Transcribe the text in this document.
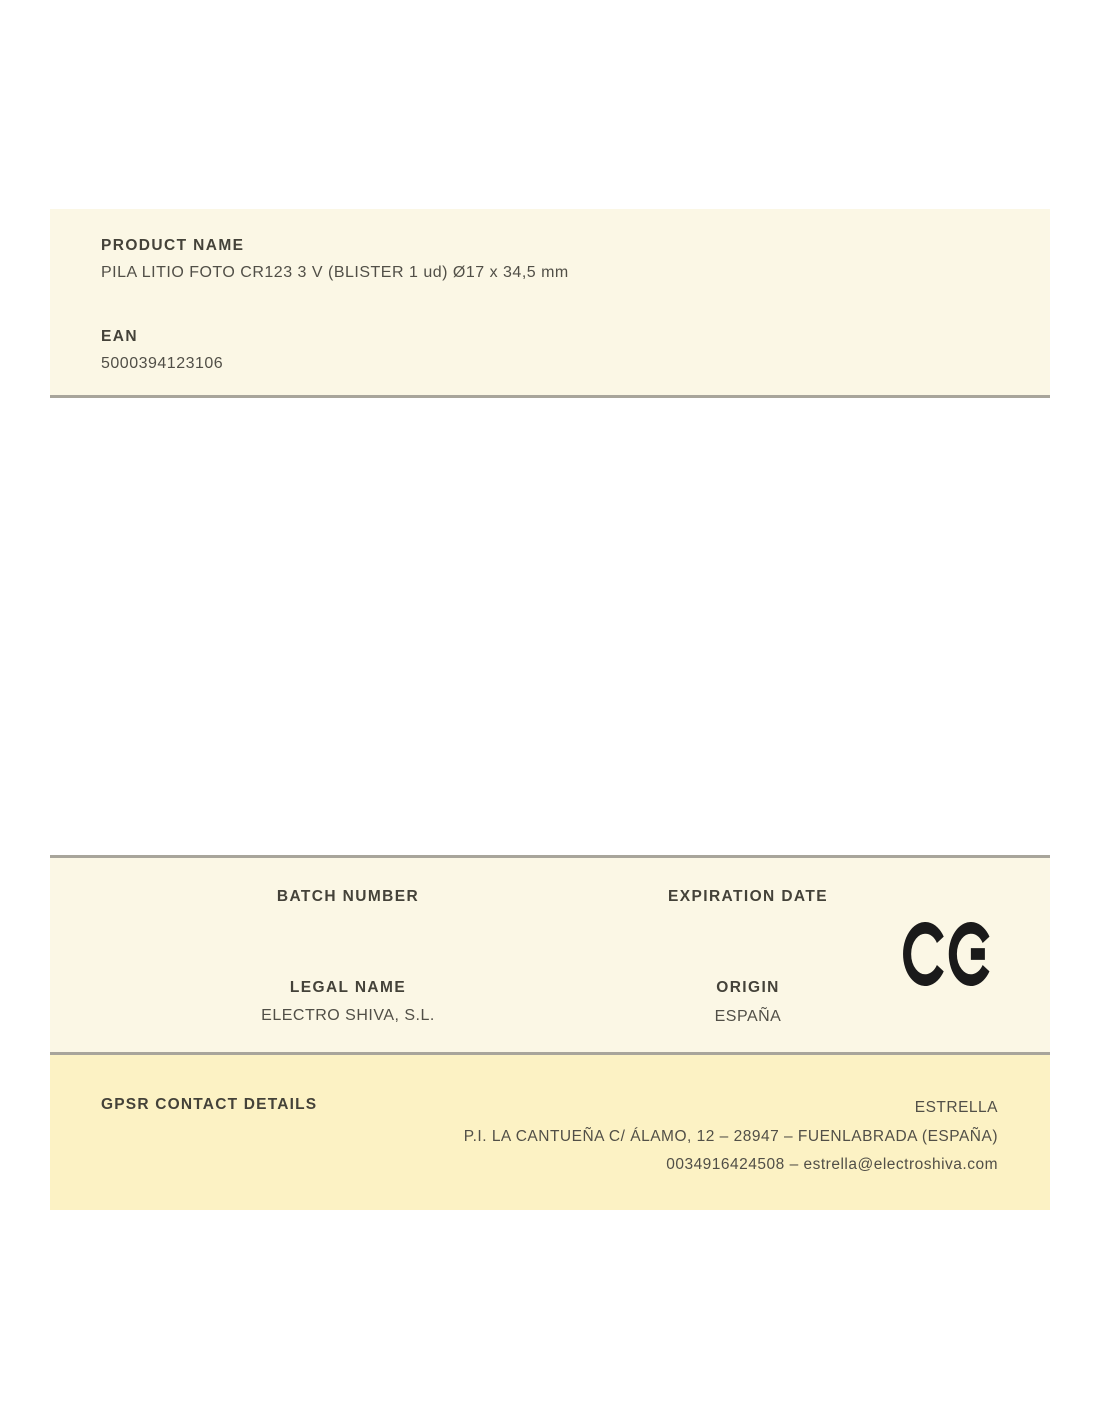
PRODUCT NAME
PILA LITIO FOTO CR123 3 V (BLISTER 1 ud) Ø17 x 34,5 mm
EAN
5000394123106
BATCH NUMBER	EXPIRATION DATE
LEGAL NAME
ELECTRO SHIVA, S.L.
ORIGIN
ESPAÑA
GPSR CONTACT DETAILS	ESTRELLA
P.I. LA CANTUEÑA C/ ÁLAMO, 12 – 28947 – FUENLABRADA (ESPAÑA)
0034916424508 – estrella@electroshiva.com
